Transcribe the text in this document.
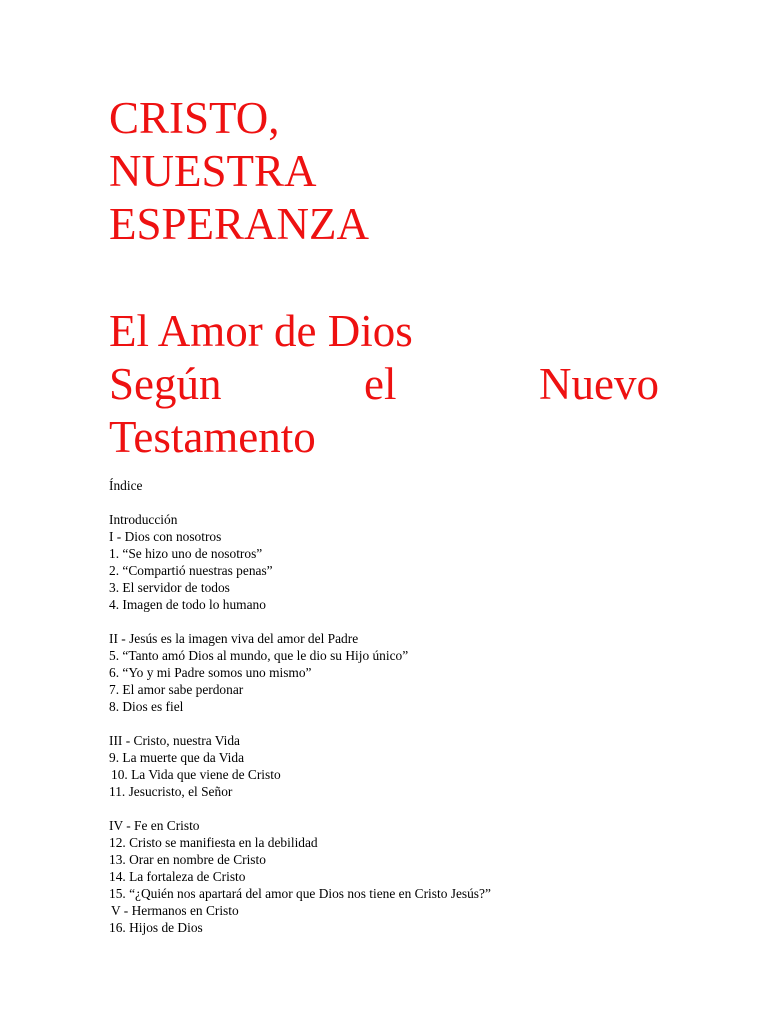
CRISTO,
NUESTRA
ESPERANZA
El Amor de Dios
Según	el	Nuevo
Testamento
Índice
Introducción
I - Dios con nosotros
1. “Se hizo uno de nosotros”
2. “Compartió nuestras penas”
3. El servidor de todos
4. Imagen de todo lo humano
II - Jesús es la imagen viva del amor del Padre
5. “Tanto amó Dios al mundo, que le dio su Hijo único”
6. “Yo y mi Padre somos uno mismo”
7. El amor sabe perdonar
8. Dios es fiel
III - Cristo, nuestra Vida
9. La muerte que da Vida
10. La Vida que viene de Cristo
11. Jesucristo, el Señor
IV - Fe en Cristo
12. Cristo se manifiesta en la debilidad
13. Orar en nombre de Cristo
14. La fortaleza de Cristo
15. “¿Quién nos apartará del amor que Dios nos tiene en Cristo Jesús?”
V - Hermanos en Cristo
16. Hijos de Dios
